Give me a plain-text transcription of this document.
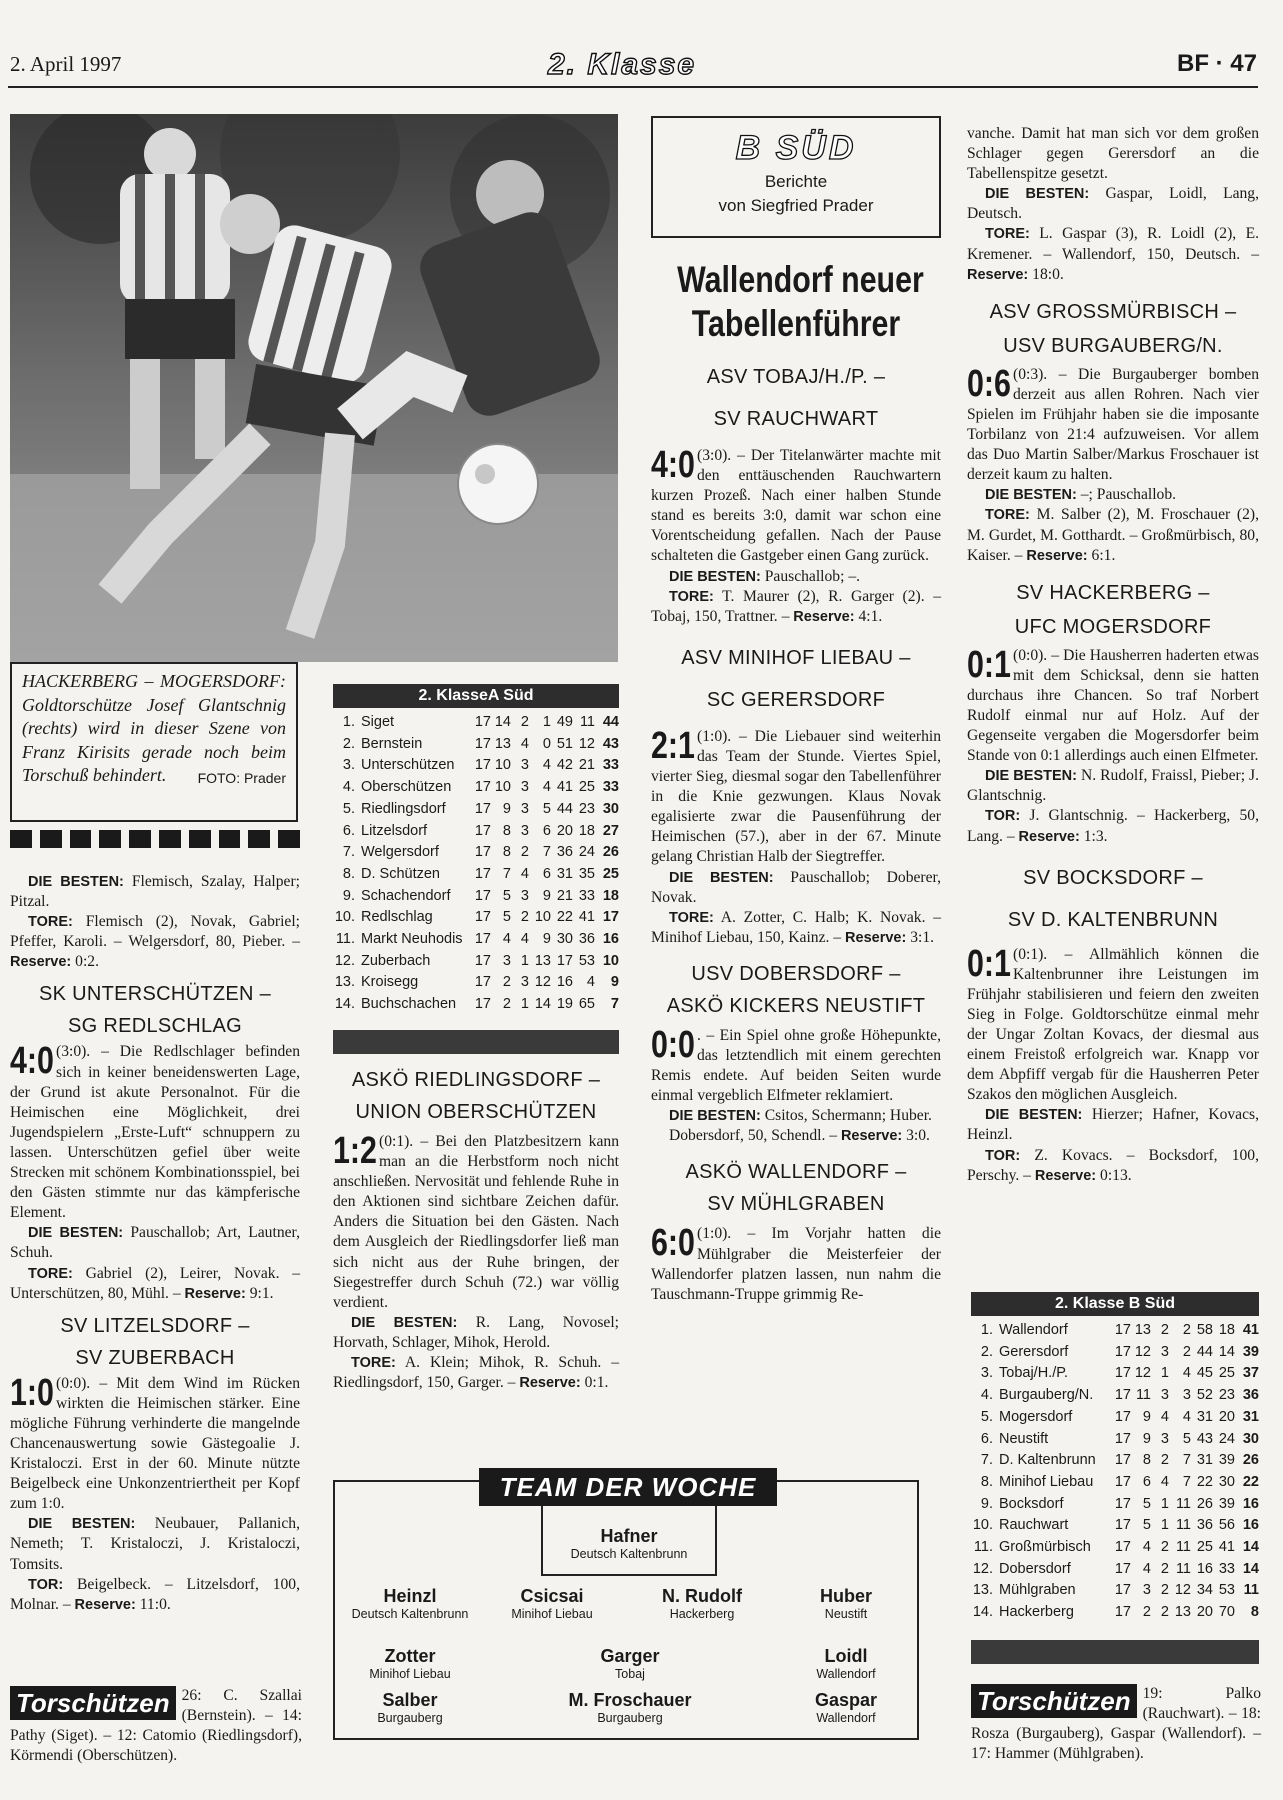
2. April 1997	2. Klasse	BF · 47
HACKERBERG – MOGERSDORF: Goldtorschütze Josef Glantschnig (rechts) wird in dieser Szene von Franz Kirisits gerade noch beim Torschuß behindert. FOTO: Prader

DIE BESTEN: Flemisch, Szalay, Halper; Pitzal.

TORE: Flemisch (2), Novak, Gabriel; Pfeffer, Karoli. – Welgersdorf, 80, Pieber. – Reserve: 0:2.

SK UNTERSCHÜTZEN –
SG REDLSCHLAG

4:0 (3:0). – Die Redlschlager befinden sich in keiner beneidenswerten Lage, der Grund ist akute Personalnot. Für die Heimischen eine Möglichkeit, drei Jugendspielern „Erste-Luft“ schnuppern zu lassen. Unterschützen gefiel über weite Strecken mit schönem Kombinationsspiel, bei den Gästen stimmte nur das kämpferische Element.

DIE BESTEN: Pauschallob; Art, Lautner, Schuh.

TORE: Gabriel (2), Leirer, Novak. – Unterschützen, 80, Mühl. – Reserve: 9:1.

SV LITZELSDORF –
SV ZUBERBACH

1:0 (0:0). – Mit dem Wind im Rücken wirkten die Heimischen stärker. Eine mögliche Führung verhinderte die mangelnde Chancenauswertung sowie Gästegoalie J. Kristaloczi. Erst in der 60. Minute nützte Beigelbeck eine Unkonzentriertheit per Kopf zum 1:0.

DIE BESTEN: Neubauer, Pallanich, Nemeth; T. Kristaloczi, J. Kristaloczi, Tomsits.

TOR: Beigelbeck. – Litzelsdorf, 100, Molnar. – Reserve: 11:0.

Torschützen 26: C. Szallai (Bernstein). – 14: Pathy (Siget). – 12: Catomio (Riedlingsdorf), Körmendi (Oberschützen).
2. KlasseA Süd
1.	Siget	17	14	2	1	49	11	44
2.	Bernstein	17	13	4	0	51	12	43
3.	Unterschützen	17	10	3	4	42	21	33
4.	Oberschützen	17	10	3	4	41	25	33
5.	Riedlingsdorf	17	9	3	5	44	23	30
6.	Litzelsdorf	17	8	3	6	20	18	27
7.	Welgersdorf	17	8	2	7	36	24	26
8.	D. Schützen	17	7	4	6	31	35	25
9.	Schachendorf	17	5	3	9	21	33	18
10.	Redlschlag	17	5	2	10	22	41	17
11.	Markt Neuhodis	17	4	4	9	30	36	16
12.	Zuberbach	17	3	1	13	17	53	10
13.	Kroisegg	17	2	3	12	16	4	9
14.	Buchschachen	17	2	1	14	19	65	7
ASKÖ RIEDLINGSDORF –
UNION OBERSCHÜTZEN

1:2 (0:1). – Bei den Platzbesitzern kann man an die Herbstform noch nicht anschließen. Nervosität und fehlende Ruhe in den Aktionen sind sichtbare Zeichen dafür. Anders die Situation bei den Gästen. Nach dem Ausgleich der Riedlingsdorfer ließ man sich nicht aus der Ruhe bringen, der Siegestreffer durch Schuh (72.) war völlig verdient.

DIE BESTEN: R. Lang, Novosel; Horvath, Schlager, Mihok, Herold.

TORE: A. Klein; Mihok, R. Schuh. – Riedlingsdorf, 150, Garger. – Reserve: 0:1.

B SÜD
Berichte
von Siegfried Prader
Wallendorf neuer
Tabellenführer
ASV TOBAJ/H./P. –
SV RAUCHWART

4:0 (3:0). – Der Titelanwärter machte mit den enttäuschenden Rauchwartern kurzen Prozeß. Nach einer halben Stunde stand es bereits 3:0, damit war schon eine Vorentscheidung gefallen. Nach der Pause schalteten die Gastgeber einen Gang zurück.

DIE BESTEN: Pauschallob; –.

TORE: T. Maurer (2), R. Garger (2). – Tobaj, 150, Trattner. – Reserve: 4:1.

ASV MINIHOF LIEBAU –
SC GERERSDORF

2:1 (1:0). – Die Liebauer sind weiterhin das Team der Stunde. Viertes Spiel, vierter Sieg, diesmal sogar den Tabellenführer in die Knie gezwungen. Klaus Novak egalisierte zwar die Pausenführung der Heimischen (57.), aber in der 67. Minute gelang Christian Halb der Siegtreffer.

DIE BESTEN: Pauschallob; Doberer, Novak.

TORE: A. Zotter, C. Halb; K. Novak. – Minihof Liebau, 150, Kainz. – Reserve: 3:1.

USV DOBERSDORF –
ASKÖ KICKERS NEUSTIFT

0:0 . – Ein Spiel ohne große Höhepunkte, das letztendlich mit einem gerechten Remis endete. Auf beiden Seiten wurde einmal vergeblich Elfmeter reklamiert.

DIE BESTEN: Csitos, Schermann; Huber.

Dobersdorf, 50, Schendl. – Reserve: 3:0.

ASKÖ WALLENDORF –
SV MÜHLGRABEN

6:0 (1:0). – Im Vorjahr hatten die Mühlgraber die Meisterfeier der Wallendorfer platzen lassen, nun nahm die Tauschmann-Truppe grimmig Re-

vanche. Damit hat man sich vor dem großen Schlager gegen Gerersdorf an die Tabellenspitze gesetzt.

DIE BESTEN: Gaspar, Loidl, Lang, Deutsch.

TORE: L. Gaspar (3), R. Loidl (2), E. Kremener. – Wallendorf, 150, Deutsch. – Reserve: 18:0.

ASV GROSSMÜRBISCH –
USV BURGAUBERG/N.

0:6 (0:3). – Die Burgauberger bomben derzeit aus allen Rohren. Nach vier Spielen im Frühjahr haben sie die imposante Torbilanz von 21:4 aufzuweisen. Vor allem das Duo Martin Salber/Markus Froschauer ist derzeit kaum zu halten.

DIE BESTEN: –; Pauschallob.

TORE: M. Salber (2), M. Froschauer (2), M. Gurdet, M. Gotthardt. – Großmürbisch, 80, Kaiser. – Reserve: 6:1.

SV HACKERBERG –
UFC MOGERSDORF

0:1 (0:0). – Die Hausherren haderten etwas mit dem Schicksal, denn sie hatten durchaus ihre Chancen. So traf Norbert Rudolf einmal nur auf Holz. Auf der Gegenseite vergaben die Mogersdorfer beim Stande von 0:1 allerdings auch einen Elfmeter.

DIE BESTEN: N. Rudolf, Fraissl, Pieber; J. Glantschnig.

TOR: J. Glantschnig. – Hackerberg, 50, Lang. – Reserve: 1:3.

SV BOCKSDORF –
SV D. KALTENBRUNN

0:1 (0:1). – Allmählich können die Kaltenbrunner ihre Leistungen im Frühjahr stabilisieren und feiern den zweiten Sieg in Folge. Goldtorschütze einmal mehr der Ungar Zoltan Kovacs, der diesmal aus einem Freistoß erfolgreich war. Knapp vor dem Abpfiff vergab für die Hausherren Peter Szakos den möglichen Ausgleich.

DIE BESTEN: Hierzer; Hafner, Kovacs, Heinzl.

TOR: Z. Kovacs. – Bocksdorf, 100, Perschy. – Reserve: 0:13.

2. Klasse B Süd
1.	Wallendorf	17	13	2	2	58	18	41
2.	Gerersdorf	17	12	3	2	44	14	39
3.	Tobaj/H./P.	17	12	1	4	45	25	37
4.	Burgauberg/N.	17	11	3	3	52	23	36
5.	Mogersdorf	17	9	4	4	31	20	31
6.	Neustift	17	9	3	5	43	24	30
7.	D. Kaltenbrunn	17	8	2	7	31	39	26
8.	Minihof Liebau	17	6	4	7	22	30	22
9.	Bocksdorf	17	5	1	11	26	39	16
10.	Rauchwart	17	5	1	11	36	56	16
11.	Großmürbisch	17	4	2	11	25	41	14
12.	Dobersdorf	17	4	2	11	16	33	14
13.	Mühlgraben	17	3	2	12	34	53	11
14.	Hackerberg	17	2	2	13	20	70	8
Torschützen 19: Palko (Rauchwart). – 18: Rosza (Burgauberg), Gaspar (Wallendorf). – 17: Hammer (Mühlgraben).
TEAM DER WOCHE
Hafner
Deutsch Kaltenbrunn
Heinzl
Deutsch Kaltenbrunn
Csicsai
Minihof Liebau
N. Rudolf
Hackerberg
Huber
Neustift
Zotter
Minihof Liebau
Garger
Tobaj
Loidl
Wallendorf
Salber
Burgauberg
M. Froschauer
Burgauberg
Gaspar
Wallendorf
